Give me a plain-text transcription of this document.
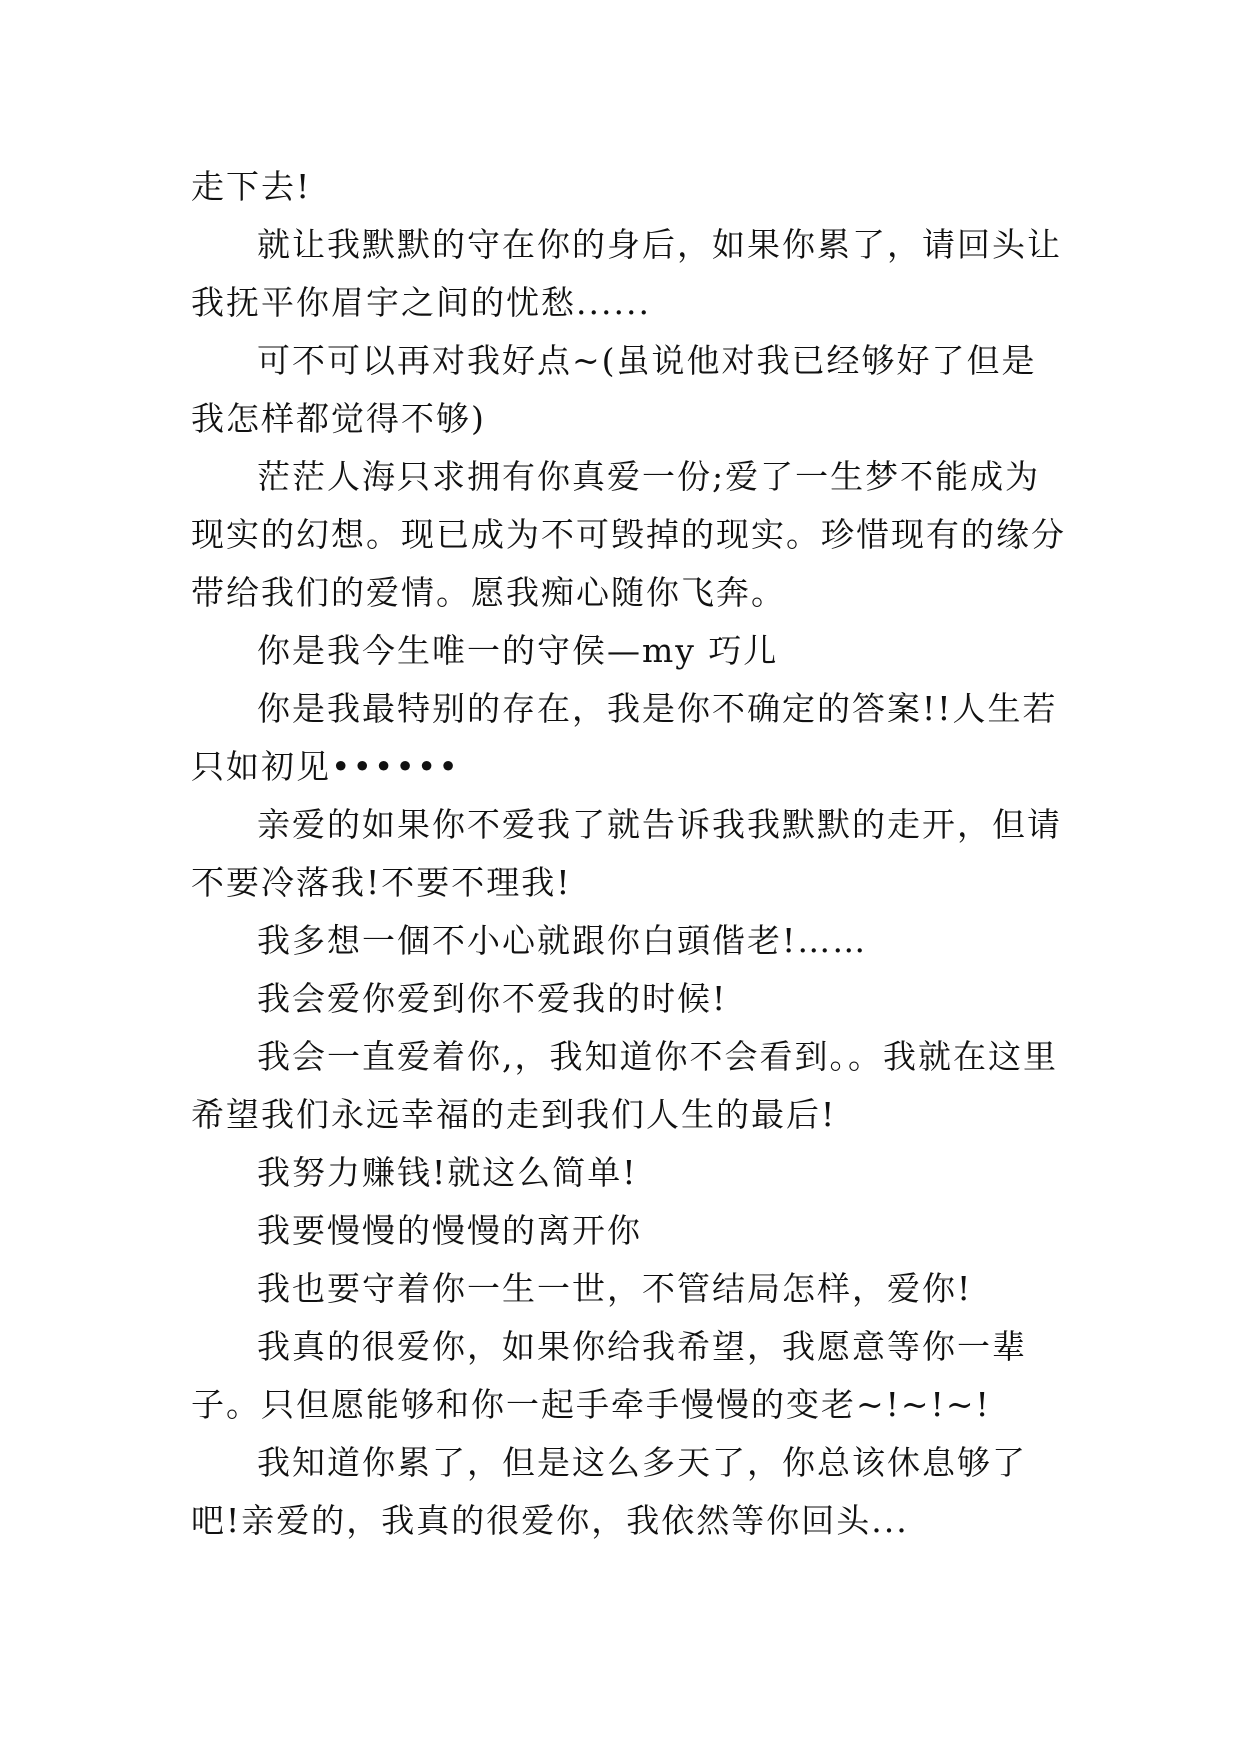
走下去!

就让我默默的守在你的身后，如果你累了，请回头让我抚平你眉宇之间的忧愁......

可不可以再对我好点~(虽说他对我已经够好了但是我怎样都觉得不够)

茫茫人海只求拥有你真爱一份;爱了一生梦不能成为现实的幻想。现已成为不可毁掉的现实。珍惜现有的缘分带给我们的爱情。愿我痴心随你飞奔。

你是我今生唯一的守侯—my 巧儿

你是我最特别的存在，我是你不确定的答案!!人生若只如初见••••••

亲爱的如果你不爱我了就告诉我我默默的走开，但请不要冷落我!不要不理我!

我多想一個不小心就跟你白頭偕老!……

我会爱你爱到你不爱我的时候!

我会一直爱着你,，我知道你不会看到。。我就在这里希望我们永远幸福的走到我们人生的最后!

我努力赚钱!就这么简单!

我要慢慢的慢慢的离开你

我也要守着你一生一世，不管结局怎样，爱你!

我真的很爱你，如果你给我希望，我愿意等你一辈子。只但愿能够和你一起手牵手慢慢的变老~!~!~!

我知道你累了，但是这么多天了，你总该休息够了吧!亲爱的，我真的很爱你，我依然等你回头...
